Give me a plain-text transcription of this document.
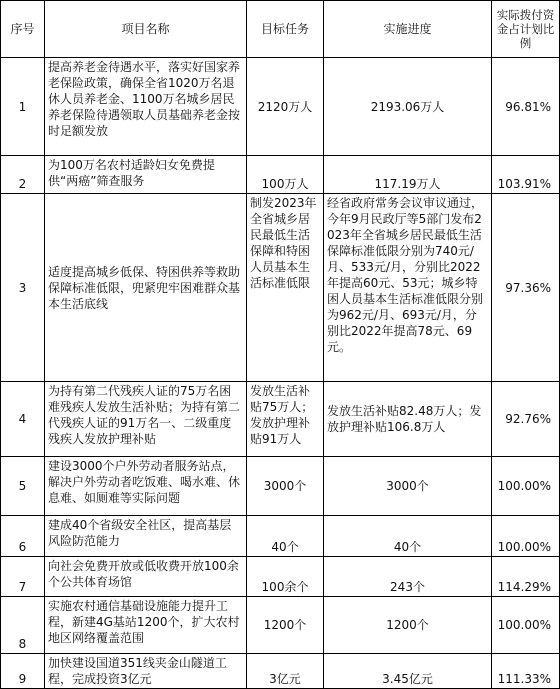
序号	项目名称	目标任务	实施进度	实际拨付资金占计划比例
1	提高养老金待遇水平，落实好国家养老保险政策，确保全省1020万名退休人员养老金、1100万名城乡居民养老保险待遇领取人员基础养老金按时足额发放	2120万人	2193.06万人	96.81%
2	为100万名农村适龄妇女免费提供“两癌”筛查服务	100万人	117.19万人	103.91%
3	适度提高城乡低保、特困供养等救助保障标准低限，兜紧兜牢困难群众基本生活底线	制发2023年全省城乡居民最低生活保障和特困人员基本生活标准低限	经省政府常务会议审议通过，今年9月民政厅等5部门发布2023年全省城乡居民最低生活保障标准低限分别为740元/月、533元/月，分别比2022年提高60元、53元；城乡特困人员基本生活标准低限分别为962元/月、693元/月，分别比2022年提高78元、69元。	97.36%
4	为持有第二代残疾人证的75万名困难残疾人发放生活补贴；为持有第二代残疾人证的91万名一、二级重度残疾人发放护理补贴	发放生活补贴75万人；发放护理补贴91万人	发放生活补贴82.48万人；发放护理补贴106.8万人	92.76%
5	建设3000个户外劳动者服务站点，解决户外劳动者吃饭难、喝水难、休息难、如厕难等实际问题	3000个	3000个	100.00%
6	建成40个省级安全社区，提高基层风险防范能力	40个	40个	100.00%
7	向社会免费开放或低收费开放100余个公共体育场馆	100余个	243个	114.29%
8	实施农村通信基础设施能力提升工程，新建4G基站1200个，扩大农村地区网络覆盖范围	1200个	1200个	100.00%
9	加快建设国道351线夹金山隧道工程，完成投资3亿元	3亿元	3.45亿元	111.33%
